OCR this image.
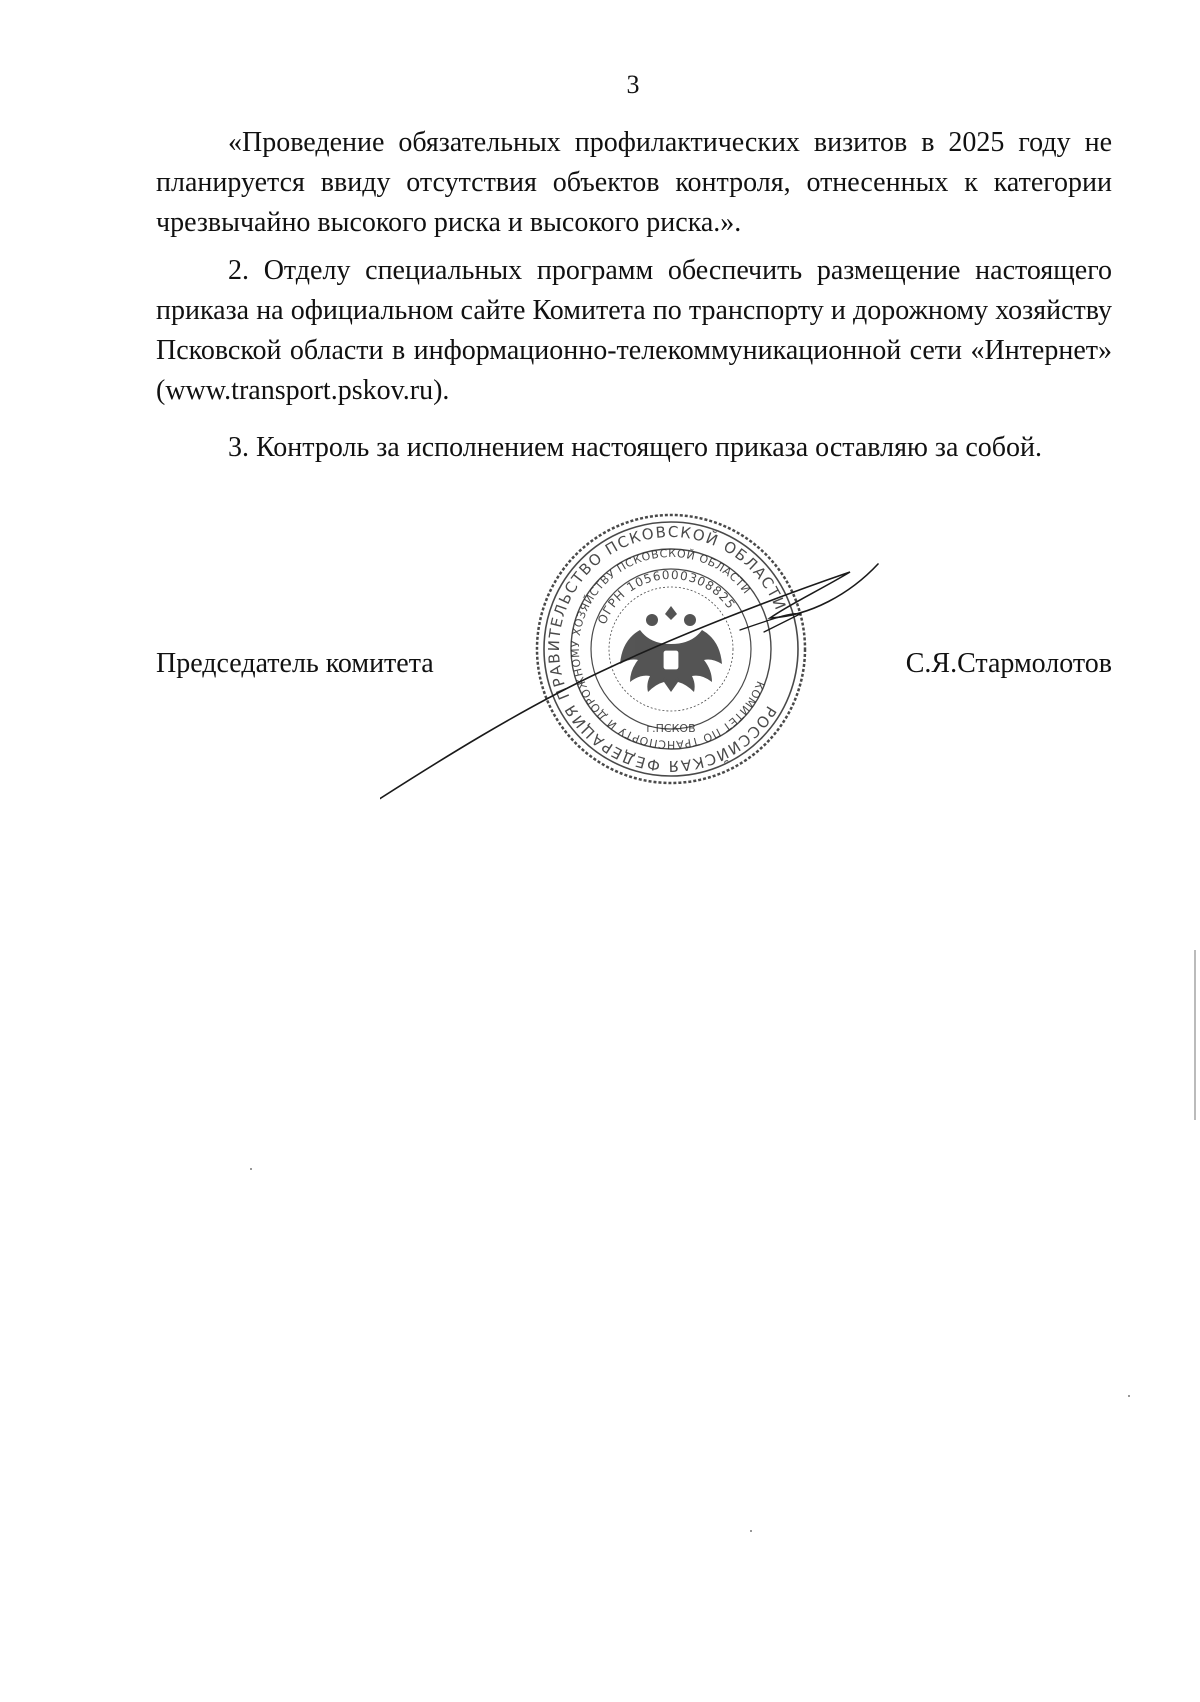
3

«Проведение обязательных профилактических визитов в 2025 году не планируется ввиду отсутствия объектов контроля, отнесенных к категории чрезвычайно высокого риска и высокого риска.».

2. Отделу специальных программ обеспечить размещение настоящего приказа на официальном сайте Комитета по транспорту и дорожному хозяйству Псковской области в информационно-телекоммуникационной сети «Интернет» (www.transport.pskov.ru).

3. Контроль за исполнением настоящего приказа оставляю за собой.

РОССИЙСКАЯ ФЕДЕРАЦИЯ ПРАВИТЕЛЬСТВО ПСКОВСКОЙ ОБЛАСТИ
КОМИТЕТ ПО ТРАНСПОРТУ И ДОРОЖНОМУ ХОЗЯЙСТВУ ПСКОВСКОЙ ОБЛАСТИ
ОГРН 1056000308825
г.ПСКОВ
Председатель комитета	С.Я.Стармолотов
